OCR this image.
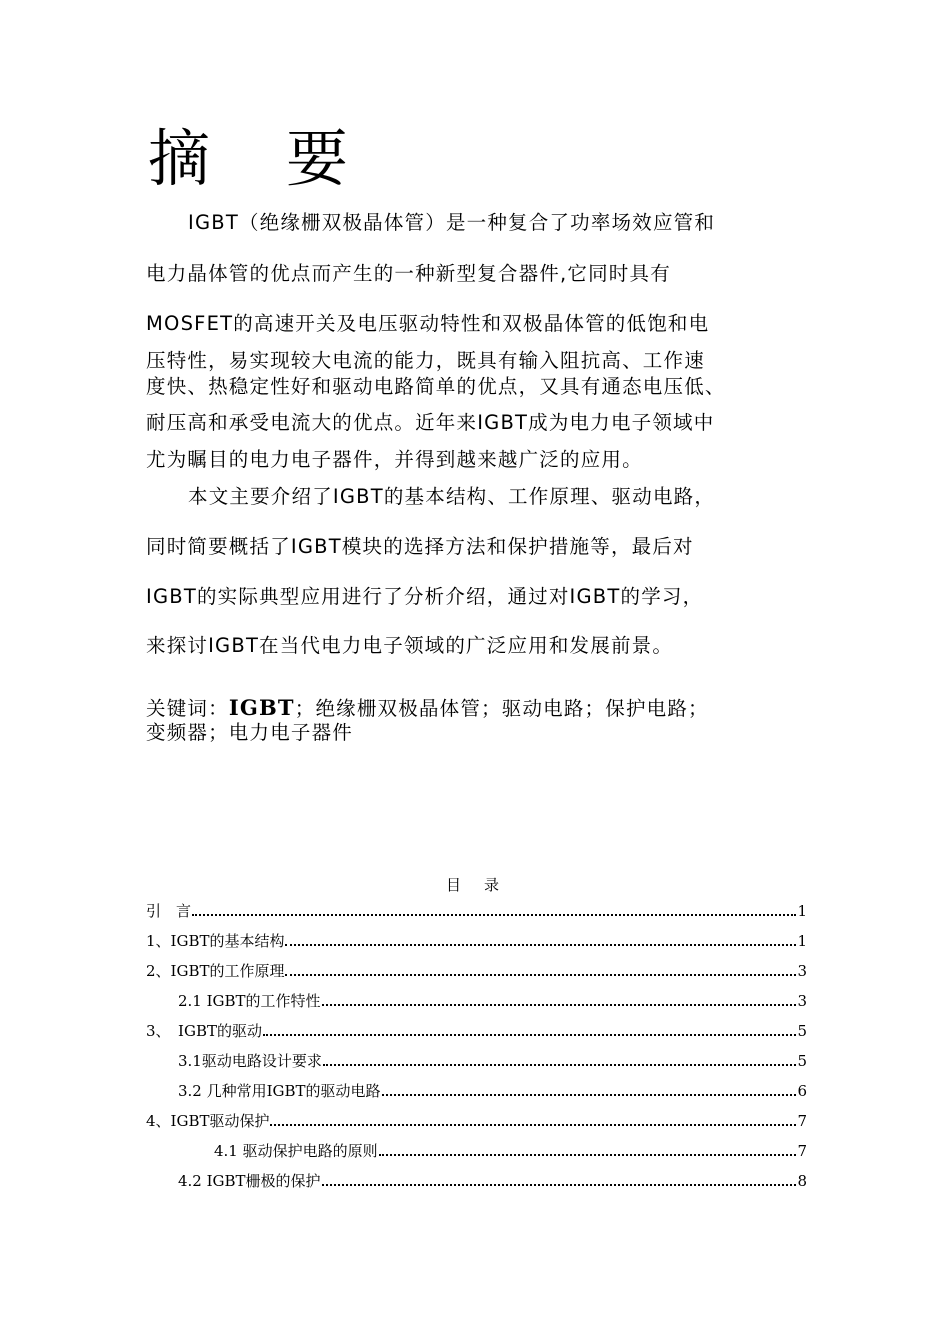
摘 要
IGBT（绝缘栅双极晶体管）是一种复合了功率场效应管和
电力晶体管的优点而产生的一种新型复合器件,它同时具有
MOSFET的高速开关及电压驱动特性和双极晶体管的低饱和电
压特性，易实现较大电流的能力，既具有输入阻抗高、工作速
度快、热稳定性好和驱动电路简单的优点，又具有通态电压低、
耐压高和承受电流大的优点。近年来IGBT成为电力电子领域中
尤为瞩目的电力电子器件，并得到越来越广泛的应用。
本文主要介绍了IGBT的基本结构、工作原理、驱动电路，
同时简要概括了IGBT模块的选择方法和保护措施等，最后对
IGBT的实际典型应用进行了分析介绍，通过对IGBT的学习，
来探讨IGBT在当代电力电子领域的广泛应用和发展前景。
关键词：IGBT；绝缘栅双极晶体管；驱动电路；保护电路；
变频器；电力电子器件
目 录
引　言	1
1、IGBT的基本结构	1
2、IGBT的工作原理	3
2.1 IGBT的工作特性	3
3、　IGBT的驱动	5
3.1驱动电路设计要求	5
3.2 几种常用IGBT的驱动电路	6
4、IGBT驱动保护	7
4.1 驱动保护电路的原则	7
4.2 IGBT栅极的保护	8
